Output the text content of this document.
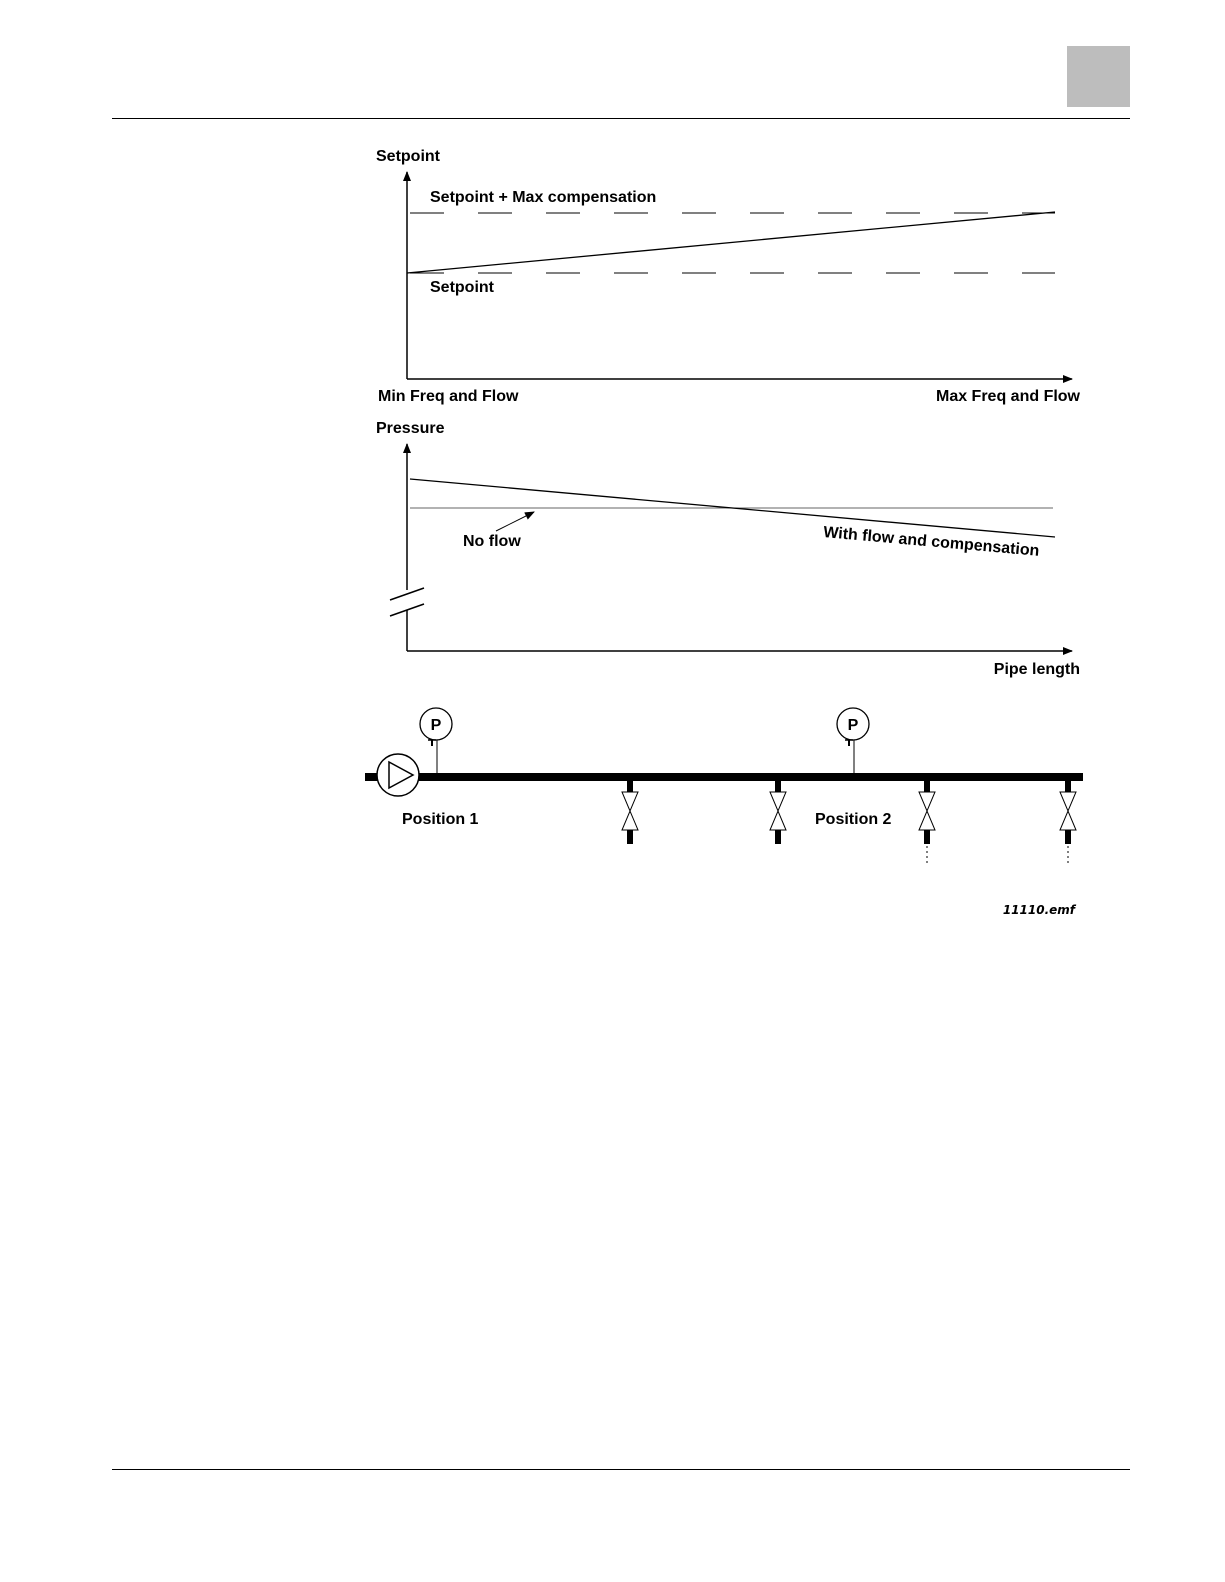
Setpoint
Setpoint + Max compensation
Setpoint
Min Freq and Flow	Max Freq and Flow
Pressure
No flow	With flow and compensation
Pipe length
P	P
Position 1	Position 2
11110.emf
